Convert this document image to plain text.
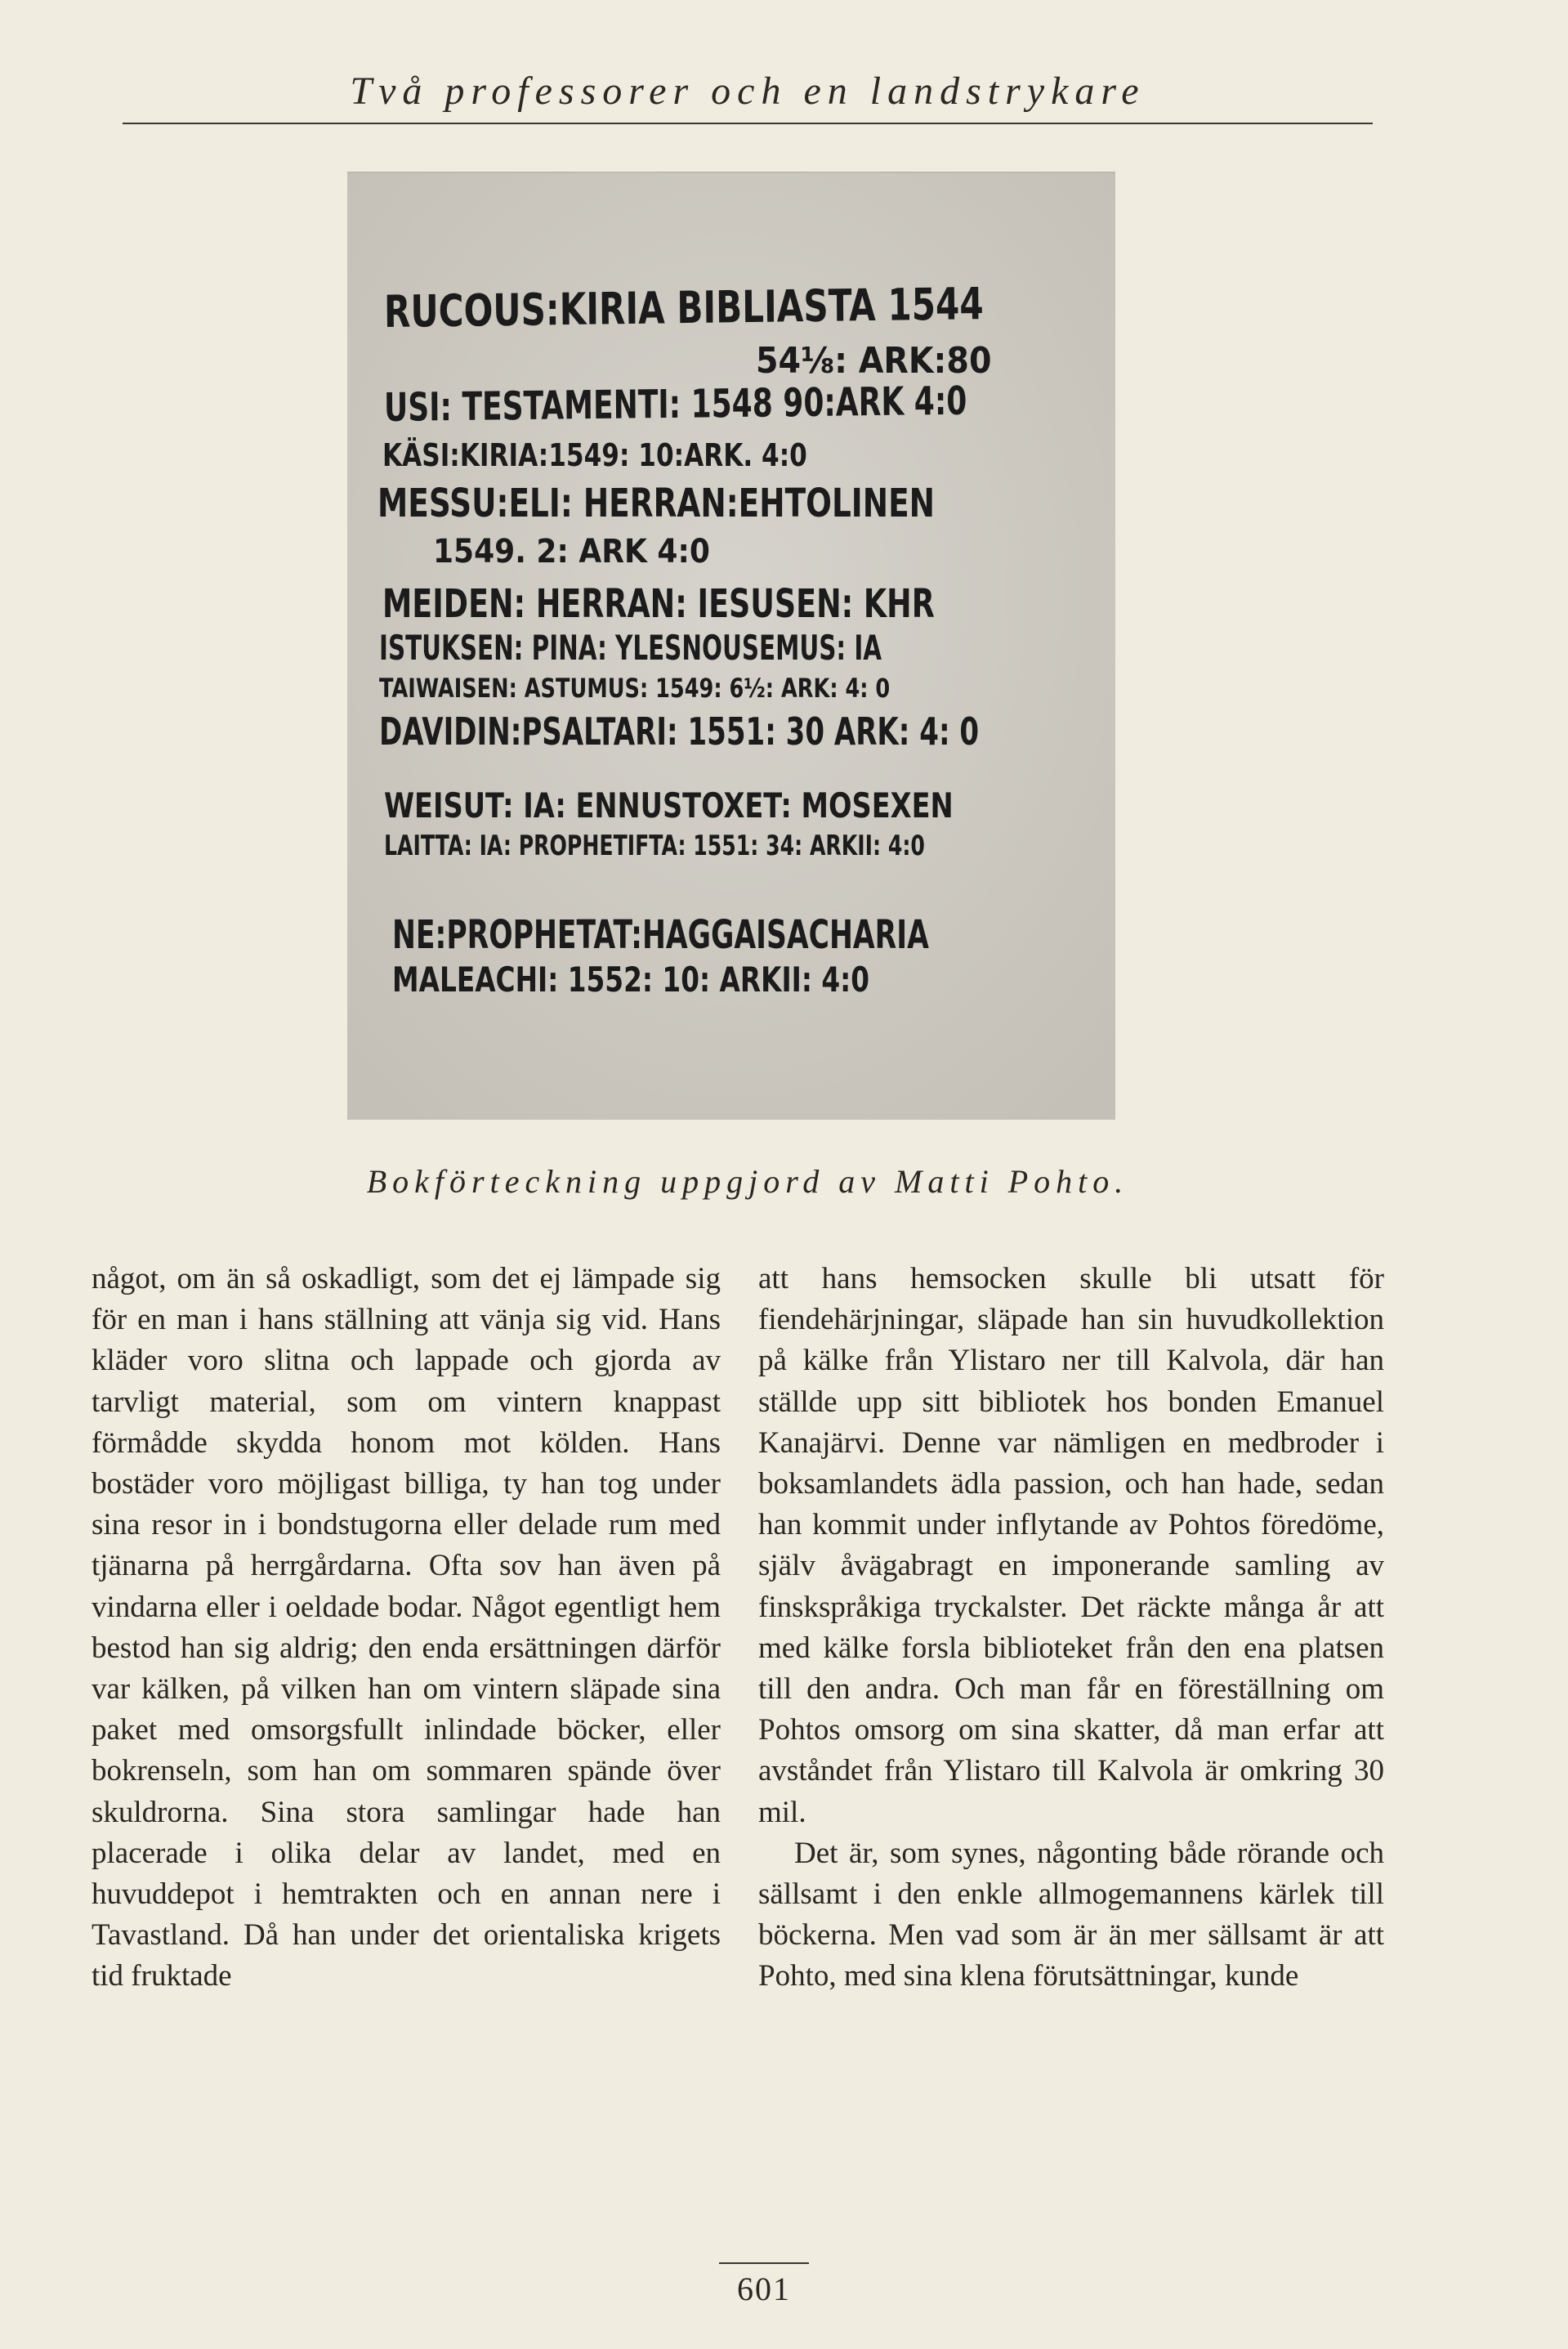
Två professorer och en landstrykare
RUCOUS:KIRIA BIBLIASTA 1544
54⅛: ARK:80
USI: TESTAMENTI: 1548 90:ARK 4:0
KÄSI:KIRIA:1549: 10:ARK. 4:0
MESSU:ELI: HERRAN:EHTOLINEN
1549. 2: ARK 4:0
MEIDEN: HERRAN: IESUSEN: KHR
ISTUKSEN: PINA: YLESNOUSEMUS: IA
TAIWAISEN: ASTUMUS: 1549: 6½: ARK: 4: 0
DAVIDIN:PSALTARI: 1551: 30 ARK: 4: 0
WEISUT: IA: ENNUSTOXET: MOSEXEN
LAITTA: IA: PROPHETIFTA: 1551: 34: ARKII: 4:0
NE:PROPHETAT:HAGGAISACHARIA
MALEACHI: 1552: 10: ARKII: 4:0
Bokförteckning uppgjord av Matti Pohto.

något, om än så oskadligt, som det ej lämpade sig för en man i hans ställning att vänja sig vid. Hans kläder voro slitna och lappade och gjorda av tarvligt material, som om vintern knappast förmådde skydda honom mot kölden. Hans bostäder voro möjligast billiga, ty han tog under sina resor in i bondstugorna eller delade rum med tjänarna på herrgårdarna. Ofta sov han även på vindarna eller i oeldade bodar. Något egentligt hem bestod han sig aldrig; den enda ersättningen därför var kälken, på vilken han om vintern släpade sina paket med omsorgsfullt inlindade böcker, eller bokrenseln, som han om sommaren spände över skuldrorna. Sina stora samlingar hade han placerade i olika delar av landet, med en huvuddepot i hemtrakten och en annan nere i Tavastland. Då han under det orientaliska krigets tid fruktade

att hans hemsocken skulle bli utsatt för fiendehärjningar, släpade han sin huvudkollektion på kälke från Ylistaro ner till Kalvola, där han ställde upp sitt bibliotek hos bonden Emanuel Kanajärvi. Denne var nämligen en medbroder i boksamlandets ädla passion, och han hade, sedan han kommit under inflytande av Pohtos föredöme, själv åvägabragt en imponerande samling av finskspråkiga tryckalster. Det räckte många år att med kälke forsla biblioteket från den ena platsen till den andra. Och man får en föreställning om Pohtos omsorg om sina skatter, då man erfar att avståndet från Ylistaro till Kalvola är omkring 30 mil.

Det är, som synes, någonting både rörande och sällsamt i den enkle allmogemannens kärlek till böckerna. Men vad som är än mer sällsamt är att Pohto, med sina klena förutsättningar, kunde

601
